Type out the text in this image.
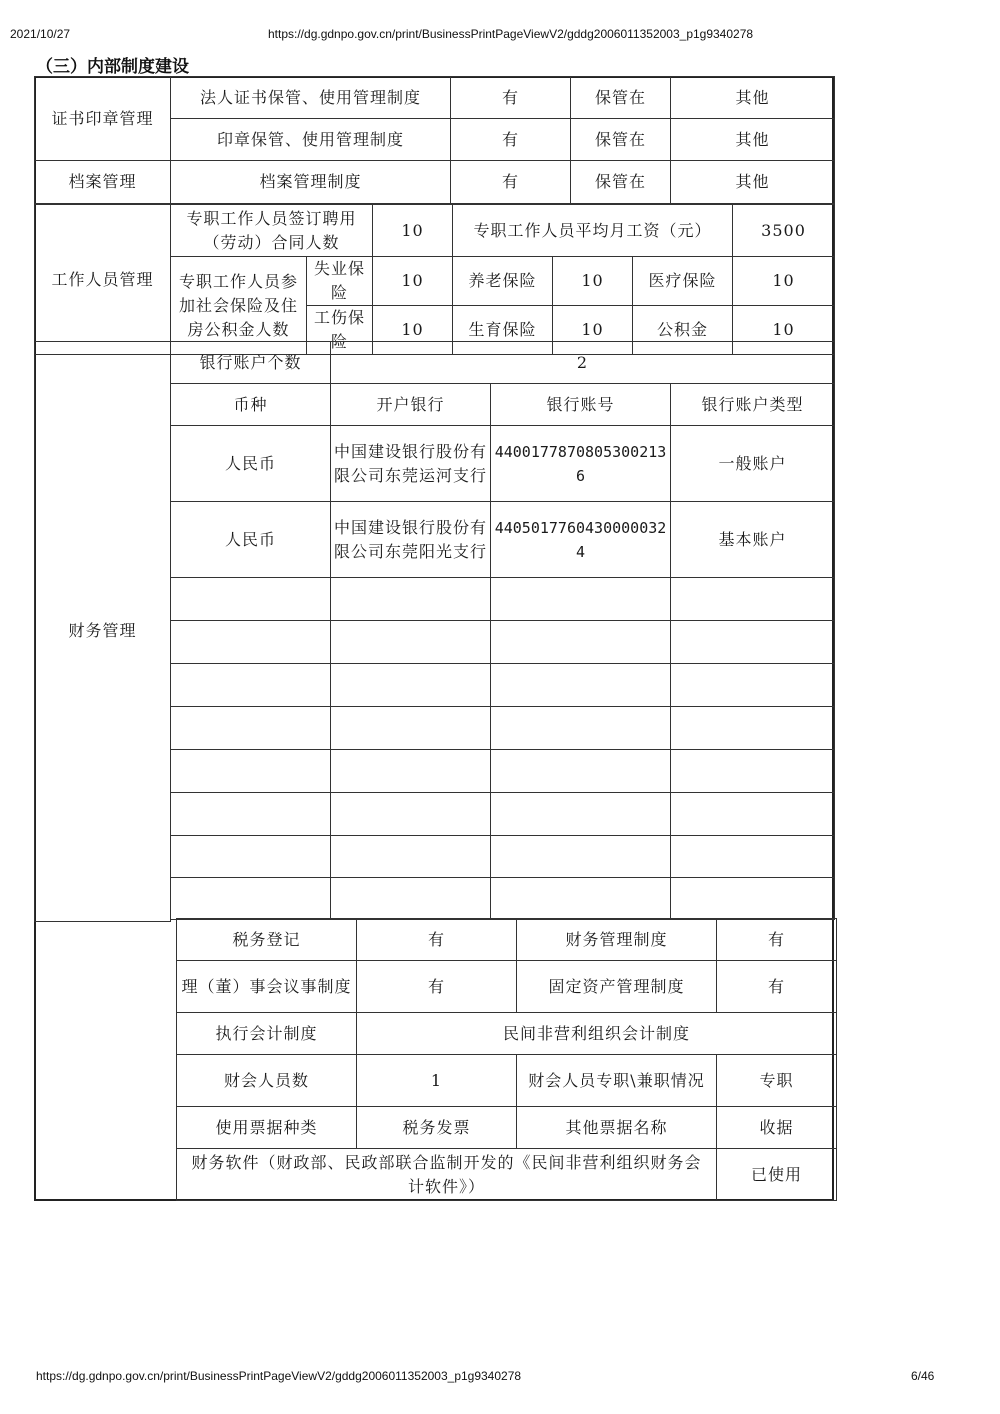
2021/10/27	https://dg.gdnpo.gov.cn/print/BusinessPrintPageViewV2/gddg2006011352003_p1g9340278
https://dg.gdnpo.gov.cn/print/BusinessPrintPageViewV2/gddg2006011352003_p1g9340278	6/46
（三）内部制度建设
证书印章管理	法人证书保管、使用管理制度	有	保管在	其他
	印章保管、使用管理制度	有	保管在	其他
档案管理	档案管理制度	有	保管在	其他
工作人员管理	专职工作人员签订聘用（劳动）合同人数		10	专职工作人员平均月工资（元）			3500
	专职工作人员参加社会保险及住房公积金人数	失业保险	10	养老保险	10	医疗保险	10
		工伤保险	10	生育保险	10	公积金	10
财务管理	银行账户个数	2		
	币种	开户银行	银行账号	银行账户类型
	人民币	中国建设银行股份有限公司东莞运河支行	44001778708053002136	一般账户
	人民币	中国建设银行股份有限公司东莞阳光支行	44050177604300000324	基本账户

税务登记	有	财务管理制度	有
理（董）事会议事制度	有	固定资产管理制度	有
执行会计制度	民间非营利组织会计制度		
财会人员数	1	财会人员专职\兼职情况	专职
使用票据种类	税务发票	其他票据名称	收据
财务软件（财政部、民政部联合监制开发的《民间非营利组织财务会计软件》）			已使用
